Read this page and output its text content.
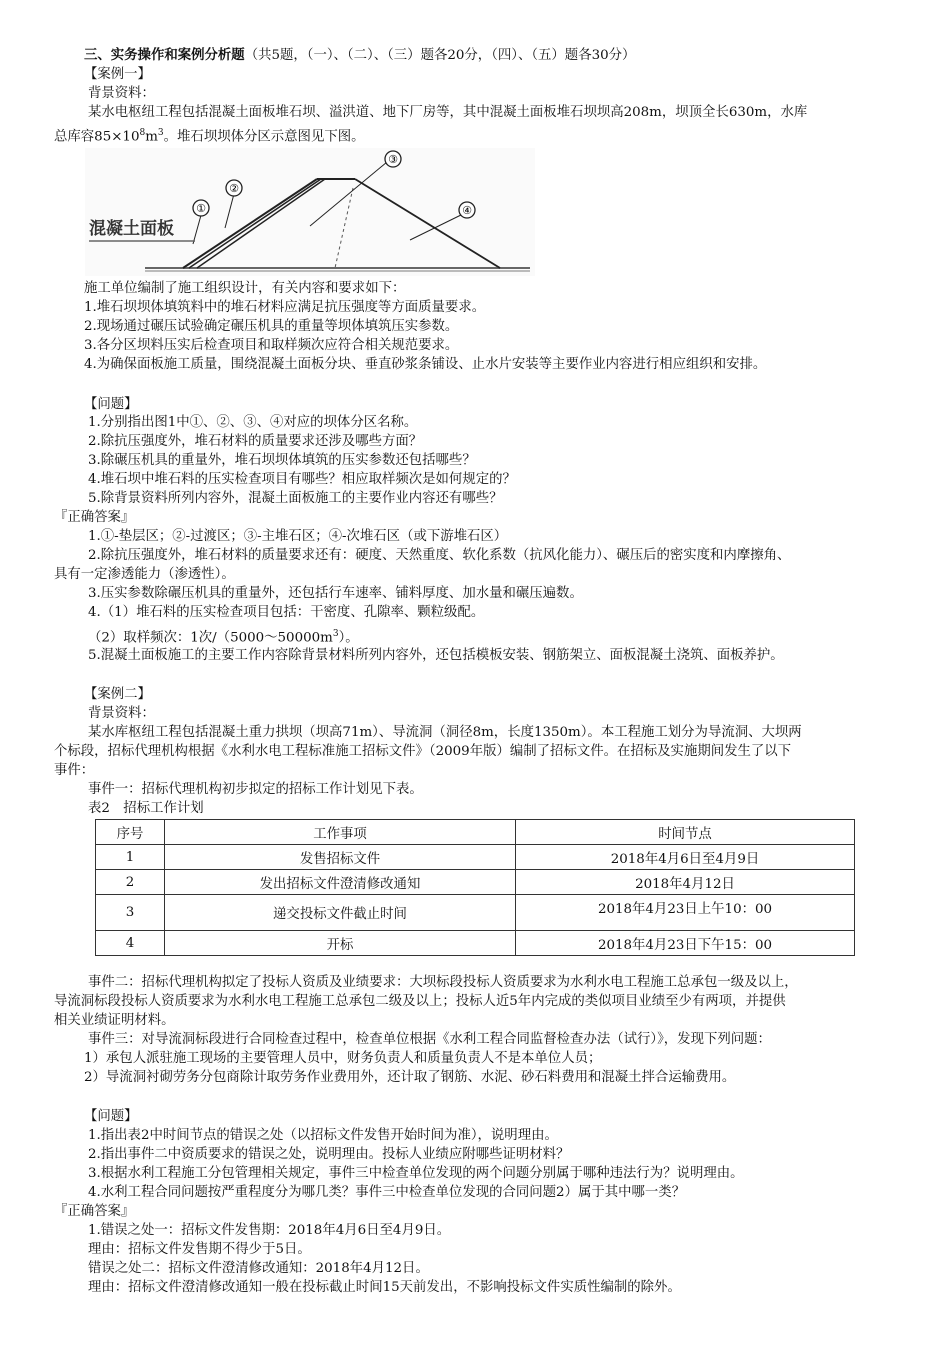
三、实务操作和案例分析题（共5题，（一）、（二）、（三）题各20分，（四）、（五）题各30分）
【案例一】
背景资料：
某水电枢纽工程包括混凝土面板堆石坝、溢洪道、地下厂房等，其中混凝土面板堆石坝坝高208m，坝顶全长630m，水库
总库容$85\times 10^8m^3$。堆石坝坝体分区示意图见下图。
①
②
③
④
混凝土面板
施工单位编制了施工组织设计，有关内容和要求如下：
1.堆石坝坝体填筑料中的堆石材料应满足抗压强度等方面质量要求。
2.现场通过碾压试验确定碾压机具的重量等坝体填筑压实参数。
3.各分区坝料压实后检查项目和取样频次应符合相关规范要求。
4.为确保面板施工质量，围绕混凝土面板分块、垂直砂浆条铺设、止水片安装等主要作业内容进行相应组织和安排。
【问题】
1.分别指出图1中①、②、③、④对应的坝体分区名称。
2.除抗压强度外，堆石材料的质量要求还涉及哪些方面？
3.除碾压机具的重量外，堆石坝坝体填筑的压实参数还包括哪些？
4.堆石坝中堆石料的压实检查项目有哪些？相应取样频次是如何规定的？
5.除背景资料所列内容外，混凝土面板施工的主要作业内容还有哪些？
『正确答案』
1.①-垫层区；②-过渡区；③-主堆石区；④-次堆石区（或下游堆石区）
2.除抗压强度外，堆石材料的质量要求还有：硬度、天然重度、软化系数（抗风化能力）、碾压后的密实度和内摩擦角、
具有一定渗透能力（渗透性）。
3.压实参数除碾压机具的重量外，还包括行车速率、铺料厚度、加水量和碾压遍数。
4.（1）堆石料的压实检查项目包括：干密度、孔隙率、颗粒级配。
（2）取样频次：1次$/(5000\sim 50000m^3)$。
5.混凝土面板施工的主要工作内容除背景材料所列内容外，还包括模板安装、钢筋架立、面板混凝土浇筑、面板养护。
【案例二】
背景资料：
某水库枢纽工程包括混凝土重力拱坝（坝高71m）、导流洞（洞径8m，长度1350m）。本工程施工划分为导流洞、大坝两
个标段，招标代理机构根据《水利水电工程标准施工招标文件》（2009年版）编制了招标文件。在招标及实施期间发生了以下
事件：
事件一：招标代理机构初步拟定的招标工作计划见下表。
表2　招标工作计划
序号	工作事项	时间节点
1	发售招标文件	2018年4月6日至4月9日
2	发出招标文件澄清修改通知	2018年4月12日
3	递交投标文件截止时间	2018年4月23日上午10：00
4	开标	2018年4月23日下午15：00
事件二：招标代理机构拟定了投标人资质及业绩要求：大坝标段投标人资质要求为水利水电工程施工总承包一级及以上，
导流洞标段投标人资质要求为水利水电工程施工总承包二级及以上；投标人近5年内完成的类似项目业绩至少有两项，并提供
相关业绩证明材料。
事件三：对导流洞标段进行合同检查过程中，检查单位根据《水利工程合同监督检查办法（试行）》，发现下列问题：
1）承包人派驻施工现场的主要管理人员中，财务负责人和质量负责人不是本单位人员；
2）导流洞衬砌劳务分包商除计取劳务作业费用外，还计取了钢筋、水泥、砂石料费用和混凝土拌合运输费用。
【问题】
1.指出表2中时间节点的错误之处（以招标文件发售开始时间为准），说明理由。
2.指出事件二中资质要求的错误之处，说明理由。投标人业绩应附哪些证明材料？
3.根据水利工程施工分包管理相关规定，事件三中检查单位发现的两个问题分别属于哪种违法行为？说明理由。
4.水利工程合同问题按严重程度分为哪几类？事件三中检查单位发现的合同问题2）属于其中哪一类？
『正确答案』
1.错误之处一：招标文件发售期：2018年4月6日至4月9日。
理由：招标文件发售期不得少于5日。
错误之处二：招标文件澄清修改通知：2018年4月12日。
理由：招标文件澄清修改通知一般在投标截止时间15天前发出，不影响投标文件实质性编制的除外。
